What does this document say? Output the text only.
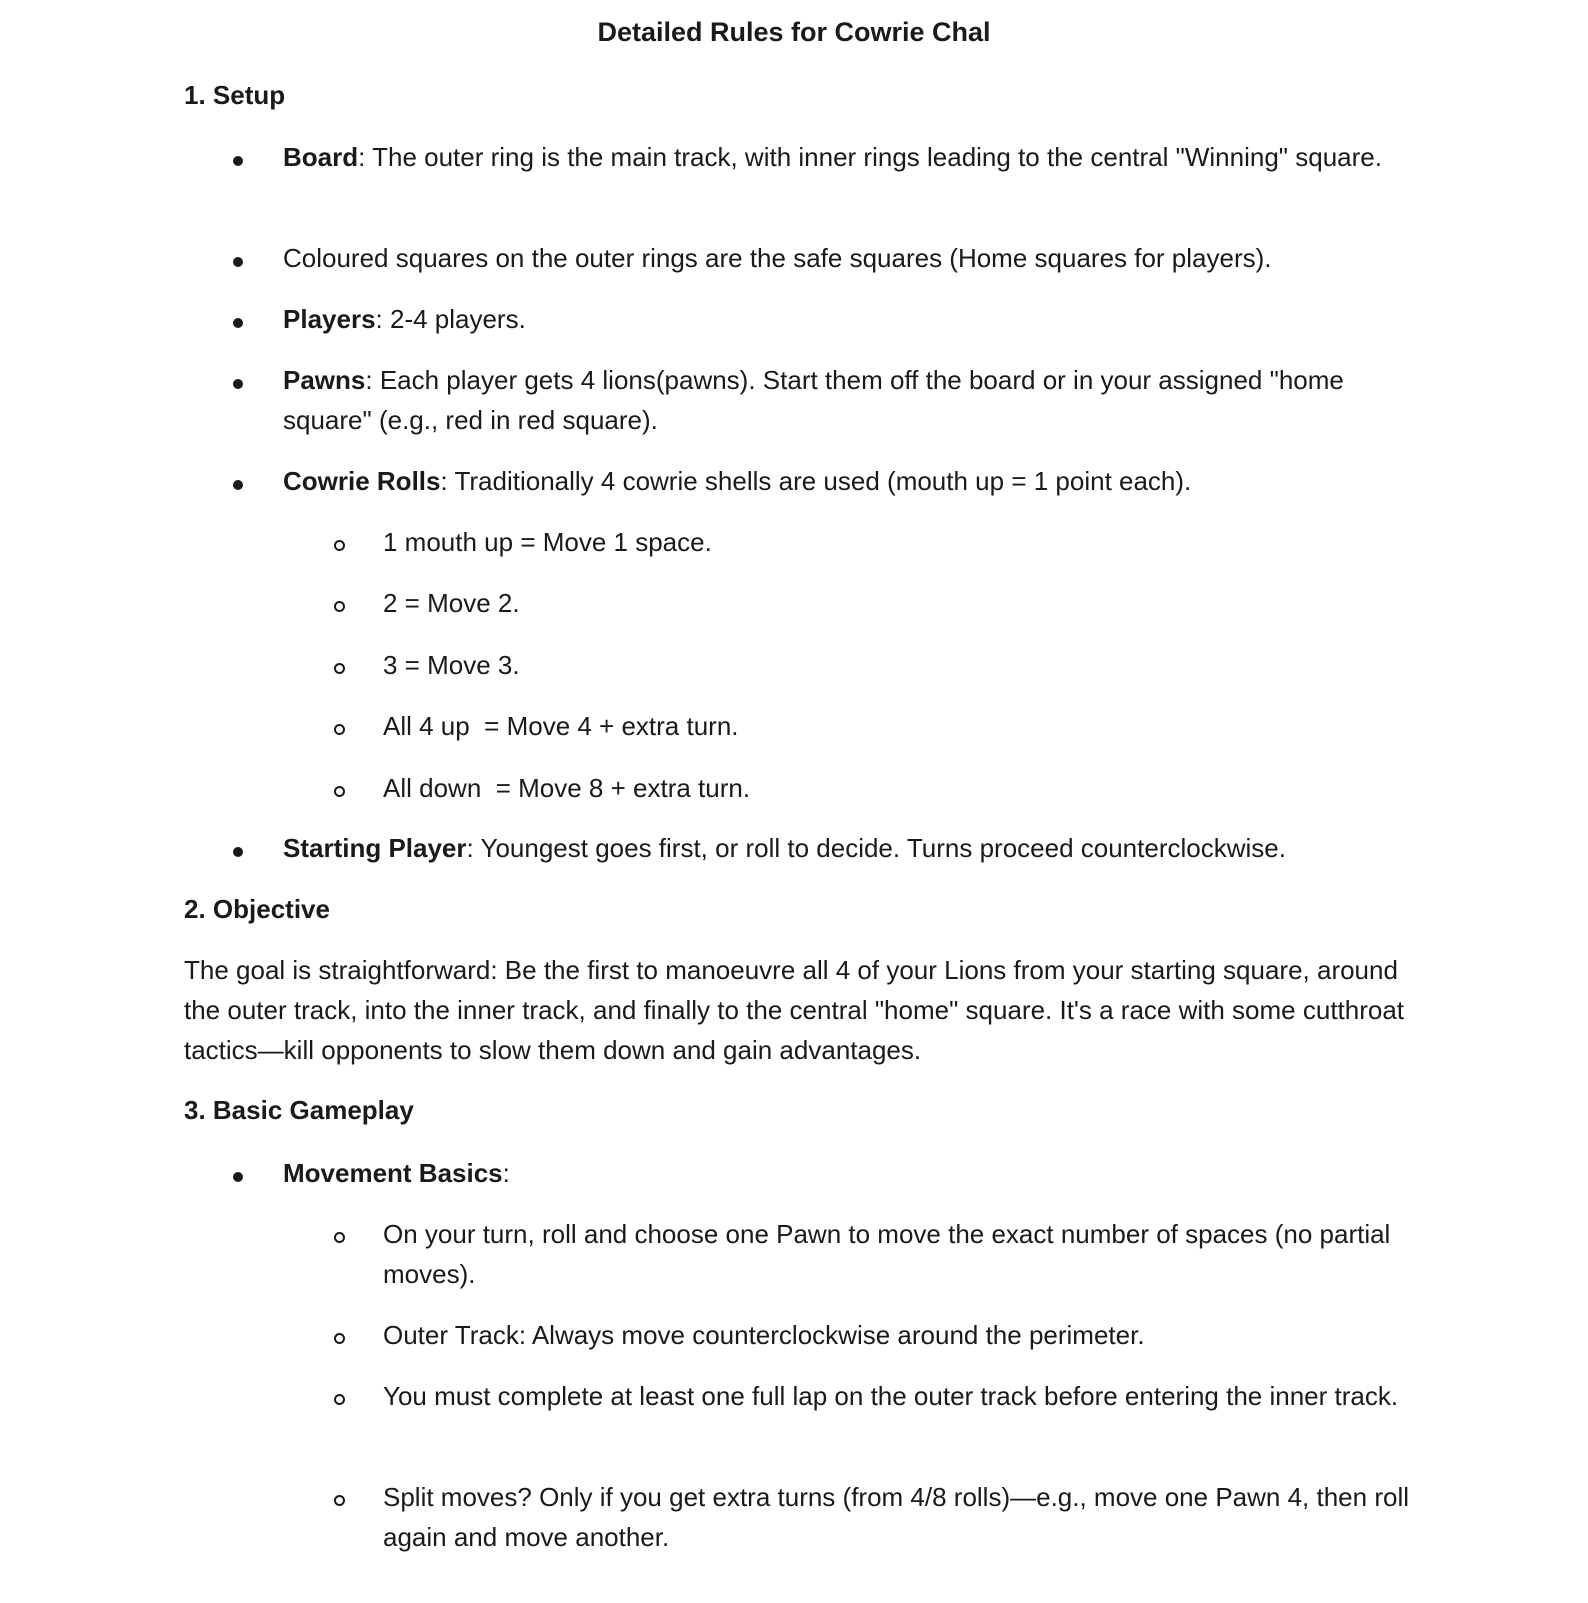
Detailed Rules for Cowrie Chal
1. Setup
Board: The outer ring is the main track, with inner rings leading to the central "Winning" square.
Coloured squares on the outer rings are the safe squares (Home squares for players).
Players: 2-4 players.
Pawns: Each player gets 4 lions(pawns). Start them off the board or in your assigned "home square" (e.g., red in red square).
Cowrie Rolls: Traditionally 4 cowrie shells are used (mouth up = 1 point each).
1 mouth up = Move 1 space.
2 = Move 2.
3 = Move 3.
All 4 up  = Move 4 + extra turn.
All down  = Move 8 + extra turn.
Starting Player: Youngest goes first, or roll to decide. Turns proceed counterclockwise.
2. Objective
The goal is straightforward: Be the first to manoeuvre all 4 of your Lions from your starting square, around the outer track, into the inner track, and finally to the central "home" square. It's a race with some cutthroat tactics—kill opponents to slow them down and gain advantages.
3. Basic Gameplay
Movement Basics:
On your turn, roll and choose one Pawn to move the exact number of spaces (no partial moves).
Outer Track: Always move counterclockwise around the perimeter.
You must complete at least one full lap on the outer track before entering the inner track.
Split moves? Only if you get extra turns (from 4/8 rolls)—e.g., move one Pawn 4, then roll again and move another.
